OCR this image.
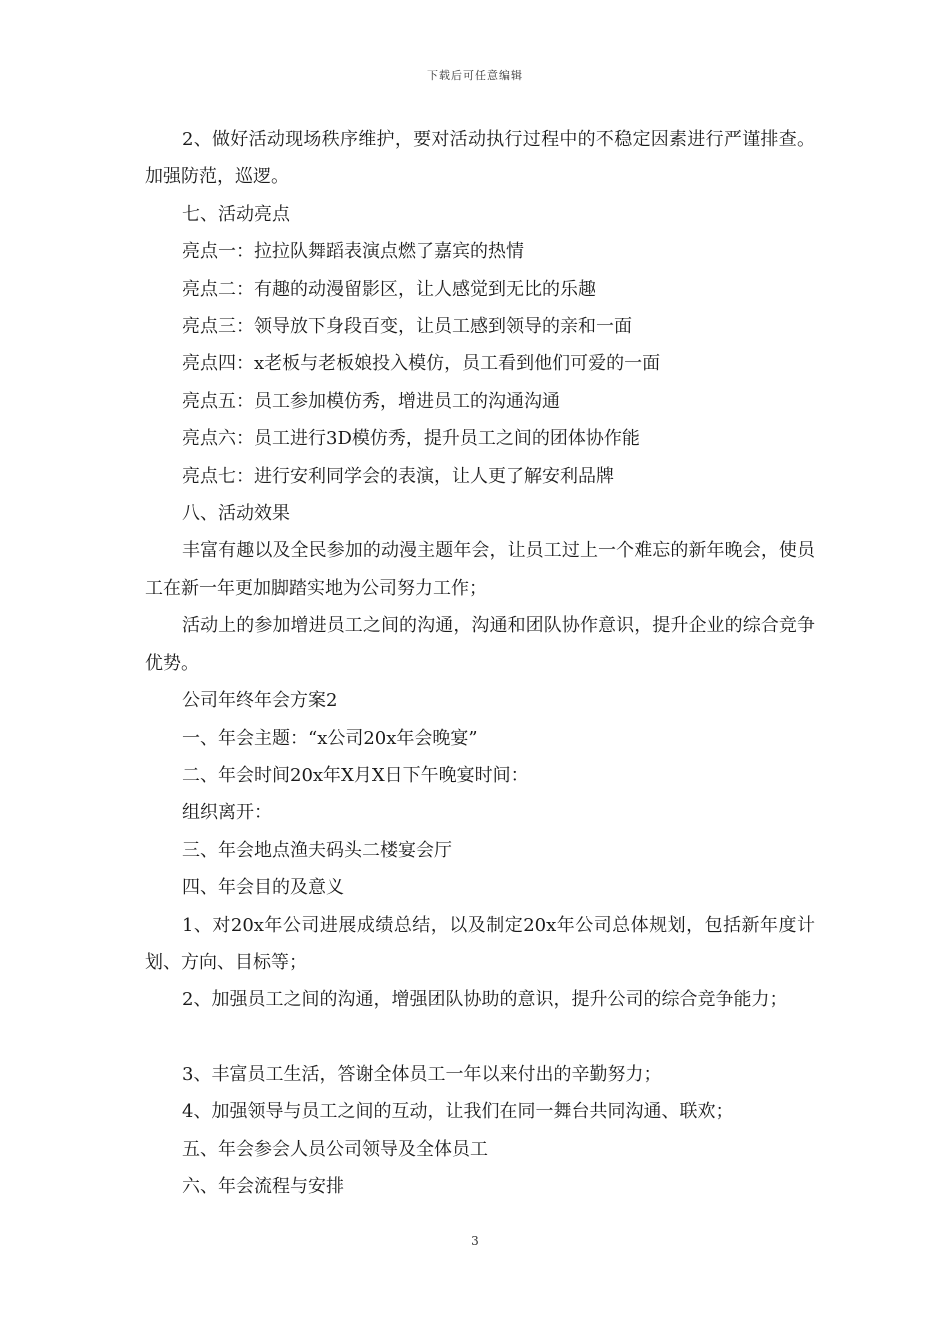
下载后可任意编辑

2、做好活动现场秩序维护，要对活动执行过程中的不稳定因素进行严谨排查。加强防范，巡逻。

七、活动亮点

亮点一：拉拉队舞蹈表演点燃了嘉宾的热情

亮点二：有趣的动漫留影区，让人感觉到无比的乐趣

亮点三：领导放下身段百变，让员工感到领导的亲和一面

亮点四：x老板与老板娘投入模仿，员工看到他们可爱的一面

亮点五：员工参加模仿秀，增进员工的沟通沟通

亮点六：员工进行3D模仿秀，提升员工之间的团体协作能

亮点七：进行安利同学会的表演，让人更了解安利品牌

八、活动效果

丰富有趣以及全民参加的动漫主题年会，让员工过上一个难忘的新年晚会，使员工在新一年更加脚踏实地为公司努力工作；

活动上的参加增进员工之间的沟通，沟通和团队协作意识，提升企业的综合竞争优势。

公司年终年会方案2

一、年会主题：“x公司20x年会晚宴”

二、年会时间20x年X月X日下午晚宴时间：

组织离开：

三、年会地点渔夫码头二楼宴会厅

四、年会目的及意义

1、对20x年公司进展成绩总结，以及制定20x年公司总体规划，包括新年度计划、方向、目标等；

2、加强员工之间的沟通，增强团队协助的意识，提升公司的综合竞争能力；

3、丰富员工生活，答谢全体员工一年以来付出的辛勤努力；

4、加强领导与员工之间的互动，让我们在同一舞台共同沟通、联欢；

五、年会参会人员公司领导及全体员工

六、年会流程与安排

3
